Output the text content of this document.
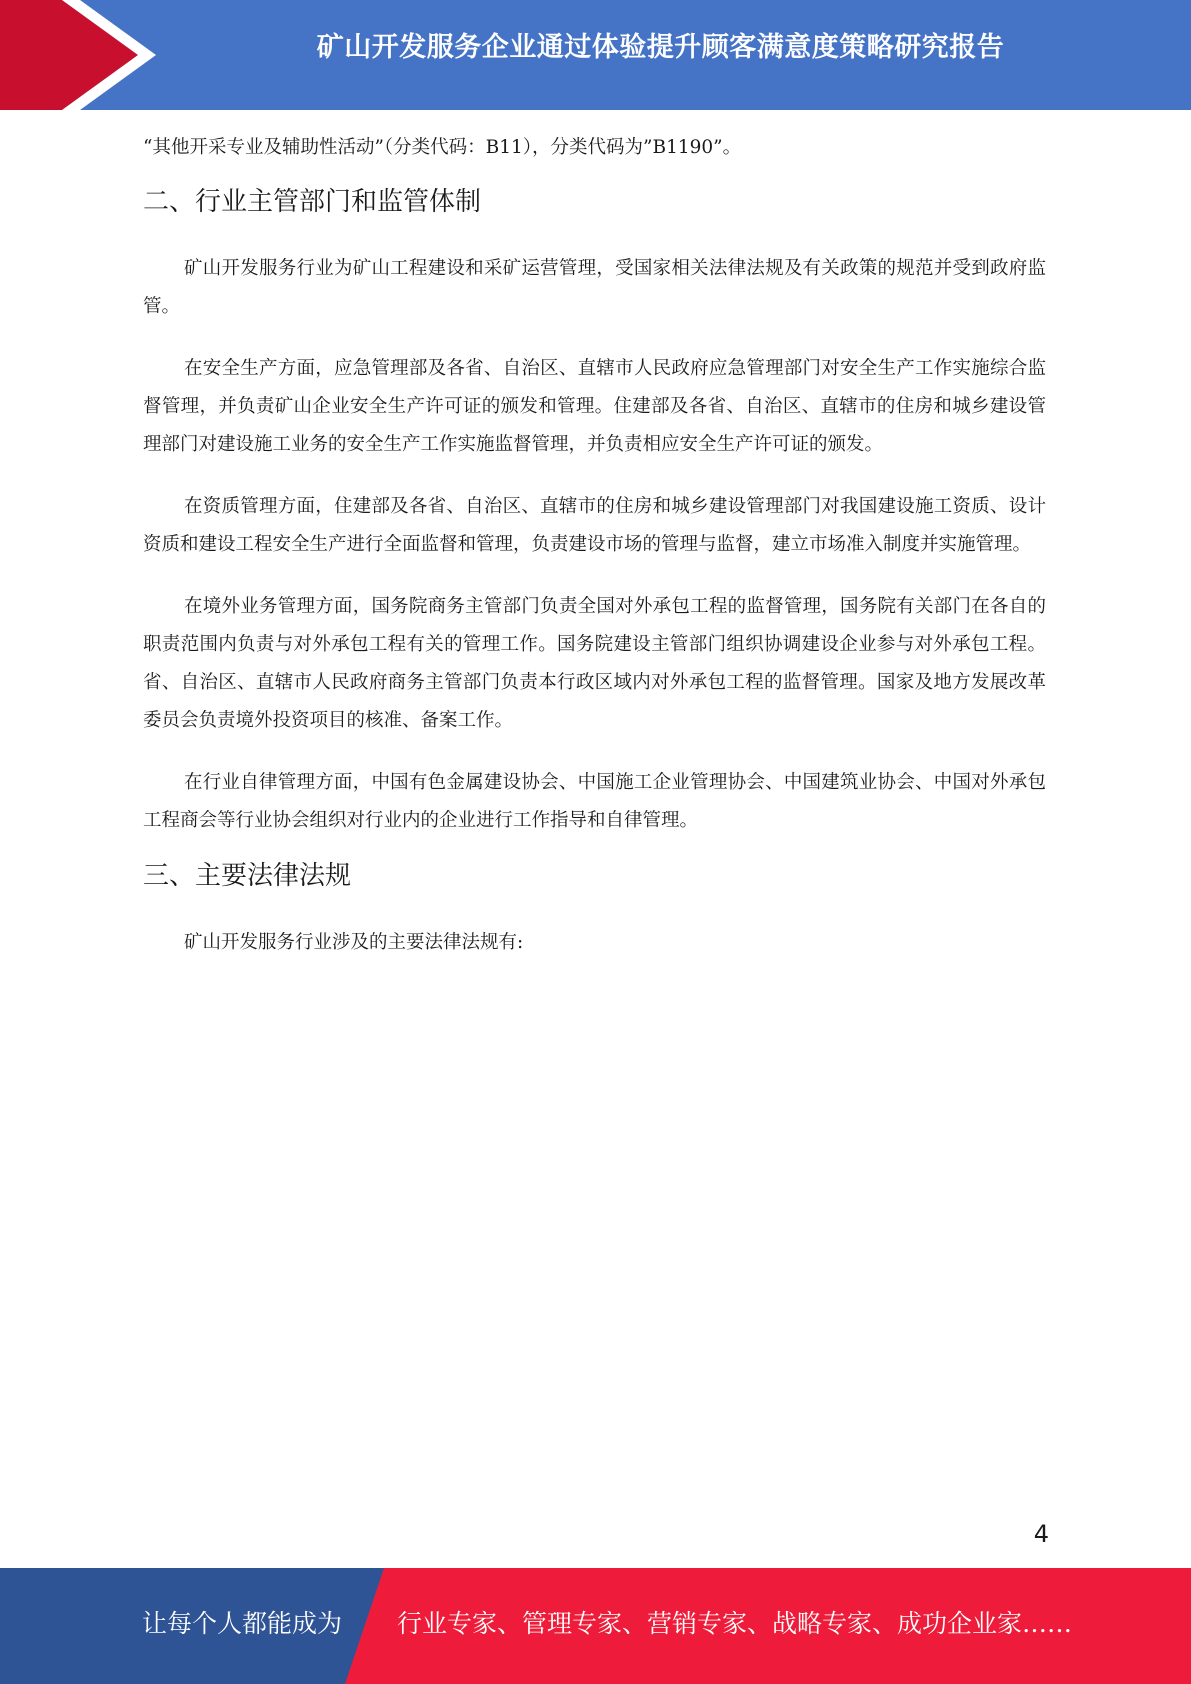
矿山开发服务企业通过体验提升顾客满意度策略研究报告

“其他开采专业及辅助性活动”（分类代码：B11），分类代码为”B1190”。

二、行业主管部门和监管体制

矿山开发服务行业为矿山工程建设和采矿运营管理，受国家相关法律法规及有关政策的规范并受到政府监管。

在安全生产方面，应急管理部及各省、自治区、直辖市人民政府应急管理部门对安全生产工作实施综合监督管理，并负责矿山企业安全生产许可证的颁发和管理。住建部及各省、自治区、直辖市的住房和城乡建设管理部门对建设施工业务的安全生产工作实施监督管理，并负责相应安全生产许可证的颁发。

在资质管理方面，住建部及各省、自治区、直辖市的住房和城乡建设管理部门对我国建设施工资质、设计资质和建设工程安全生产进行全面监督和管理，负责建设市场的管理与监督，建立市场准入制度并实施管理。

在境外业务管理方面，国务院商务主管部门负责全国对外承包工程的监督管理，国务院有关部门在各自的职责范围内负责与对外承包工程有关的管理工作。国务院建设主管部门组织协调建设企业参与对外承包工程。省、自治区、直辖市人民政府商务主管部门负责本行政区域内对外承包工程的监督管理。国家及地方发展改革委员会负责境外投资项目的核准、备案工作。

在行业自律管理方面，中国有色金属建设协会、中国施工企业管理协会、中国建筑业协会、中国对外承包工程商会等行业协会组织对行业内的企业进行工作指导和自律管理。

三、主要法律法规

矿山开发服务行业涉及的主要法律法规有:

4
让每个人都能成为 行业专家、管理专家、营销专家、战略专家、成功企业家……
